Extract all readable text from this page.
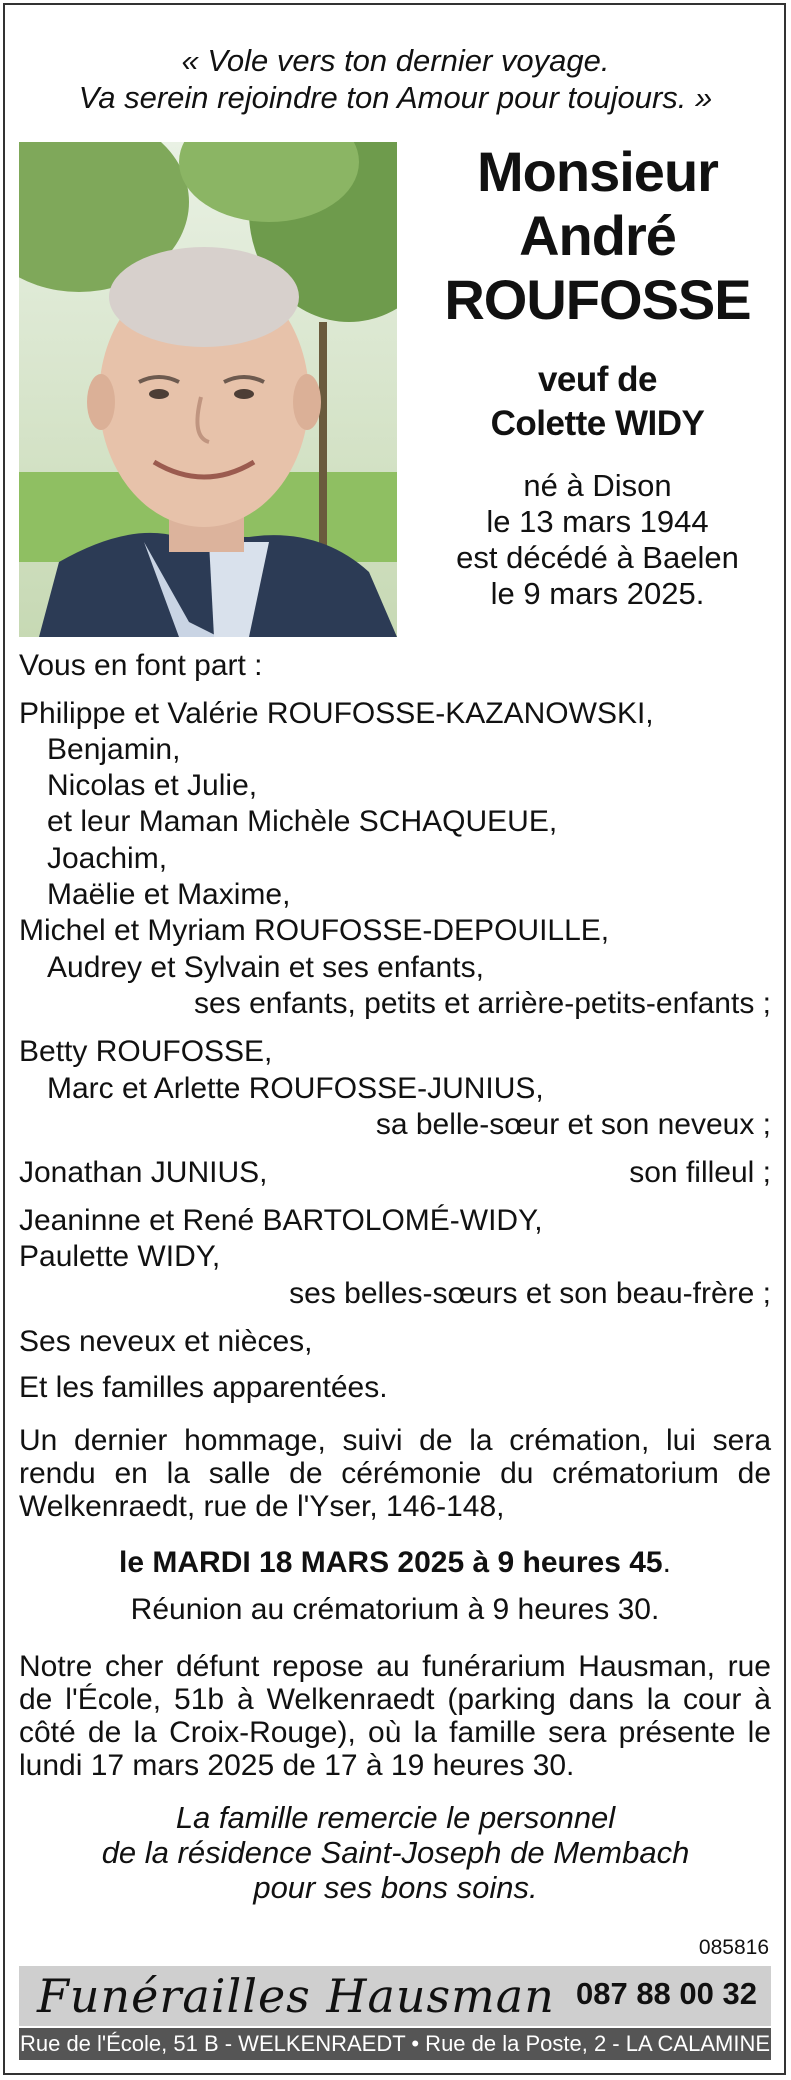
« Vole vers ton dernier voyage.
Va serein rejoindre ton Amour pour toujours. »
Monsieur
André
ROUFOSSE
veuf de
Colette WIDY
né à Dison
le 13 mars 1944
est décédé à Baelen
le 9 mars 2025.
Vous en font part :
Philippe et Valérie ROUFOSSE-KAZANOWSKI,
Benjamin,
Nicolas et Julie,
et leur Maman Michèle SCHAQUEUE,
Joachim,
Maëlie et Maxime,
Michel et Myriam ROUFOSSE-DEPOUILLE,
Audrey et Sylvain et ses enfants,
ses enfants, petits et arrière-petits-enfants ;
Betty ROUFOSSE,
Marc et Arlette ROUFOSSE-JUNIUS,
sa belle-sœur et son neveux ;
Jonathan JUNIUS,	son filleul ;
Jeaninne et René BARTOLOMÉ-WIDY,
Paulette WIDY,
ses belles-sœurs et son beau-frère ;
Ses neveux et nièces,
Et les familles apparentées.
Un dernier hommage, suivi de la crémation, lui sera rendu en la salle de cérémonie du crématorium de Welkenraedt, rue de l'Yser, 146-148,
le MARDI 18 MARS 2025 à 9 heures 45.
Réunion au crématorium à 9 heures 30.
Notre cher défunt repose au funérarium Hausman, rue de l'École, 51b à Welkenraedt (parking dans la cour à côté de la Croix-Rouge), où la famille sera présente le lundi 17 mars 2025 de 17 à 19 heures 30.
La famille remercie le personnel
de la résidence Saint-Joseph de Membach
pour ses bons soins.
085816
Funérailles Hausman 087 88 00 32
Rue de l'École, 51 B - WELKENRAEDT • Rue de la Poste, 2 - LA CALAMINE
